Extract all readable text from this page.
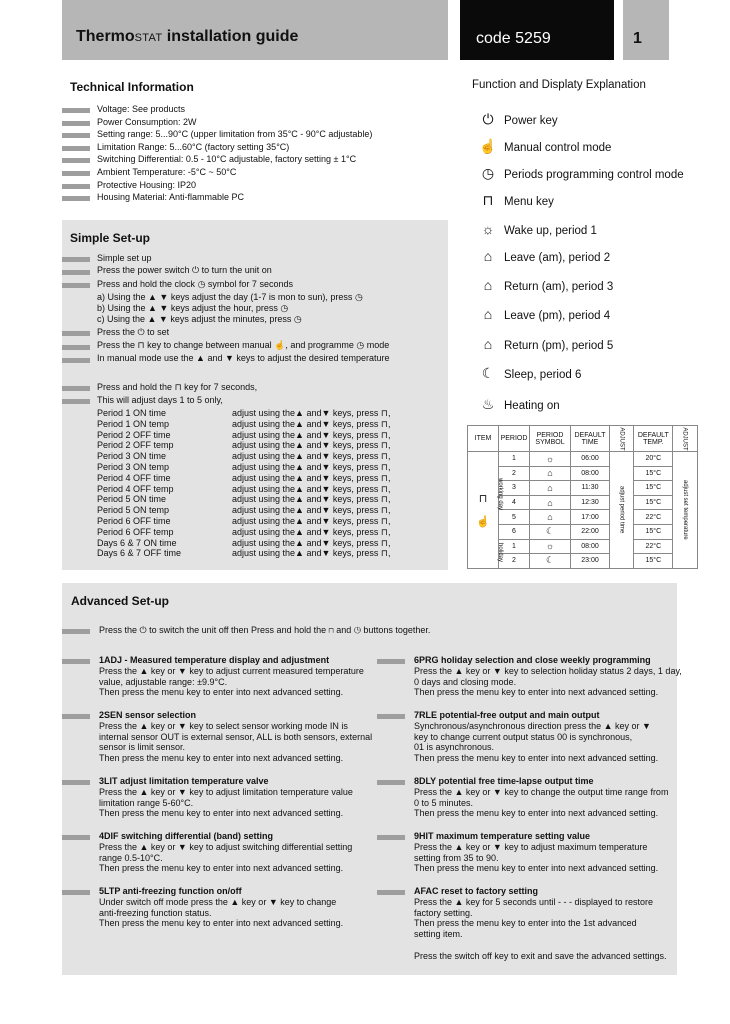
ThermoSTAT installation guide	code 5259	1
Technical Information
Voltage: See products
Power Consumption: 2W
Setting range: 5...90°C (upper limitation from 35°C - 90°C adjustable)
Limitation Range: 5...60°C (factory setting 35°C)
Switching Differential: 0.5 - 10°C adjustable, factory setting ± 1°C
Ambient Temperature: -5°C ~ 50°C
Protective Housing: IP20
Housing Material: Anti-flammable PC
Function and Displaty Explanation
⏻ Power key
☝ Manual control mode
◷ Periods programming control mode
⊓ Menu key
☼ Wake up, period 1
⌂ Leave (am), period 2
⌂ Return (am), period 3
⌂ Leave (pm), period 4
⌂ Return (pm), period 5
☾ Sleep, period 6
♨ Heating on
Simple Set-up
Simple set up
Press the power switch ⏻ to turn the unit on
Press and hold the clock ◷ symbol for 7 seconds
a) Using the ▲ ▼ keys adjust the day (1-7 is mon to sun), press ◷
b) Using the ▲ ▼ keys adjust the hour, press ◷
c) Using the ▲ ▼ keys adjust the minutes, press ◷
Press the ⏻ to set
Press the ⊓ key to change between manual ☝, and programme ◷ mode
In manual mode use the ▲ and ▼ keys to adjust the desired temperature
Press and hold the ⊓ key for 7 seconds,
This will adjust days 1 to 5 only,
Period 1 ON time	adjust using the▲ and▼ keys, press ⊓,
Period 1 ON temp	adjust using the▲ and▼ keys, press ⊓,
Period 2 OFF time	adjust using the▲ and▼ keys, press ⊓,
Period 2 OFF temp	adjust using the▲ and▼ keys, press ⊓,
Period 3 ON time	adjust using the▲ and▼ keys, press ⊓,
Period 3 ON temp	adjust using the▲ and▼ keys, press ⊓,
Period 4 OFF time	adjust using the▲ and▼ keys, press ⊓,
Period 4 OFF temp	adjust using the▲ and▼ keys, press ⊓,
Period 5 ON time	adjust using the▲ and▼ keys, press ⊓,
Period 5 ON temp	adjust using the▲ and▼ keys, press ⊓,
Period 6 OFF time	adjust using the▲ and▼ keys, press ⊓,
Period 6 OFF temp	adjust using the▲ and▼ keys, press ⊓,
Days 6 & 7 ON time	adjust using the▲ and▼ keys, press ⊓,
Days 6 & 7 OFF time	adjust using the▲ and▼ keys, press ⊓,
ITEM	PERIOD	PERIOD SYMBOL	DEFAULT TIME	ADJUST	DEFAULT TEMP.	ADJUST

⊓
☝	1	☼	06:00	adjust period time	20°C	adjust set temperature

	2	⌂	08:00		15°C	
	3	⌂	11:30		15°C	
	4	⌂	12:30		15°C	
	5	⌂	17:00		22°C	
	6	☾	22:00		15°C	
	1	☼	08:00		22°C	
	2	☾	23:00		15°C	
Advanced Set-up
Press the ⏻ to switch the unit off then Press and hold the ⊓ and ◷ buttons together.
1ADJ - Measured temperature display and adjustment
Press the ▲ key or ▼ key to adjust current measured temperature
value, adjustable range: ±9.9°C.
Then press the menu key to enter into next advanced setting.
2SEN sensor selection
Press the ▲ key or ▼ key to select sensor working mode IN is
internal sensor OUT is external sensor, ALL is both sensors, external
sensor is limit sensor.
Then press the menu key to enter into next advanced setting.
3LIT adjust limitation temperature valve
Press the ▲ key or ▼ key to adjust limitation temperature value
limitation range 5-60°C.
Then press the menu key to enter into next advanced setting.
4DIF switching differential (band) setting
Press the ▲ key or ▼ key to adjust switching differential setting
range 0.5-10°C.
Then press the menu key to enter into next advanced setting.
5LTP anti-freezing function on/off
Under switch off mode press the ▲ key or ▼ key to change
anti-freezing function status.
Then press the menu key to enter into next advanced setting.
6PRG holiday selection and close weekly programming
Press the ▲ key or ▼ key to selection holiday status 2 days, 1 day,
0 days and closing mode.
Then press the menu key to enter into next advanced setting.
7RLE potential-free output and main output
Synchronous/asynchronous direction press the ▲ key or ▼
key to change current output status 00 is synchronous,
01 is asynchronous.
Then press the menu key to enter into next advanced setting.
8DLY potential free time-lapse output time
Press the ▲ key or ▼ key to change the output time range from
0 to 5 minutes.
Then press the menu key to enter into next advanced setting.
9HIT maximum temperature setting value
Press the ▲ key or ▼ key to adjust maximum temperature
setting from 35 to 90.
Then press the menu key to enter into next advanced setting.
AFAC reset to factory setting
Press the ▲ key for 5 seconds until - - - displayed to restore
factory setting.
Then press the menu key to enter into the 1st advanced
setting item.
Press the switch off key to exit and save the advanced settings.
working day
holiday
